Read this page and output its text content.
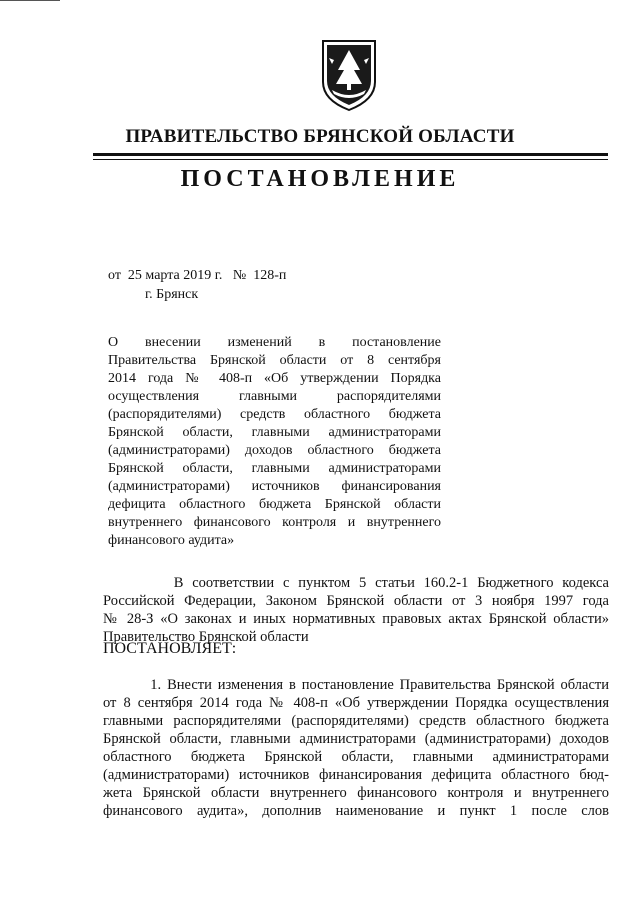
ПРАВИТЕЛЬСТВО БРЯНСКОЙ ОБЛАСТИ
ПОСТАНОВЛЕНИЕ
от  25 марта 2019 г.   №  128-п
г. Брянск
О внесении изменений в постановление
Правительства Брянской области от 8 сентября
2014 года № 408-п «Об утверждении Порядка
осуществления главными распорядителями
(распорядителями) средств областного бюджета
Брянской области, главными администраторами
(администраторами) доходов областного бюджета
Брянской области, главными администраторами
(администраторами) источников финансирования
дефицита областного бюджета Брянской области
внутреннего финансового контроля и внутреннего
финансового аудита»
В соответствии с пунктом 5 статьи 160.2-1 Бюджетного кодекса
Российской Федерации, Законом Брянской области от 3 ноября 1997 года
№ 28-З «О законах и иных нормативных правовых актах Брянской области»
Правительство Брянской области
ПОСТАНОВЛЯЕТ:
1. Внести изменения в постановление Правительства Брянской области
от 8 сентября 2014 года № 408-п «Об утверждении Порядка осуществления
главными распорядителями (распорядителями) средств областного бюджета
Брянской области, главными администраторами (администраторами) доходов
областного бюджета Брянской области, главными администраторами
(администраторами) источников финансирования дефицита областного бюд-
жета Брянской области внутреннего финансового контроля и внутреннего
финансового аудита», дополнив наименование и пункт 1 после слов
